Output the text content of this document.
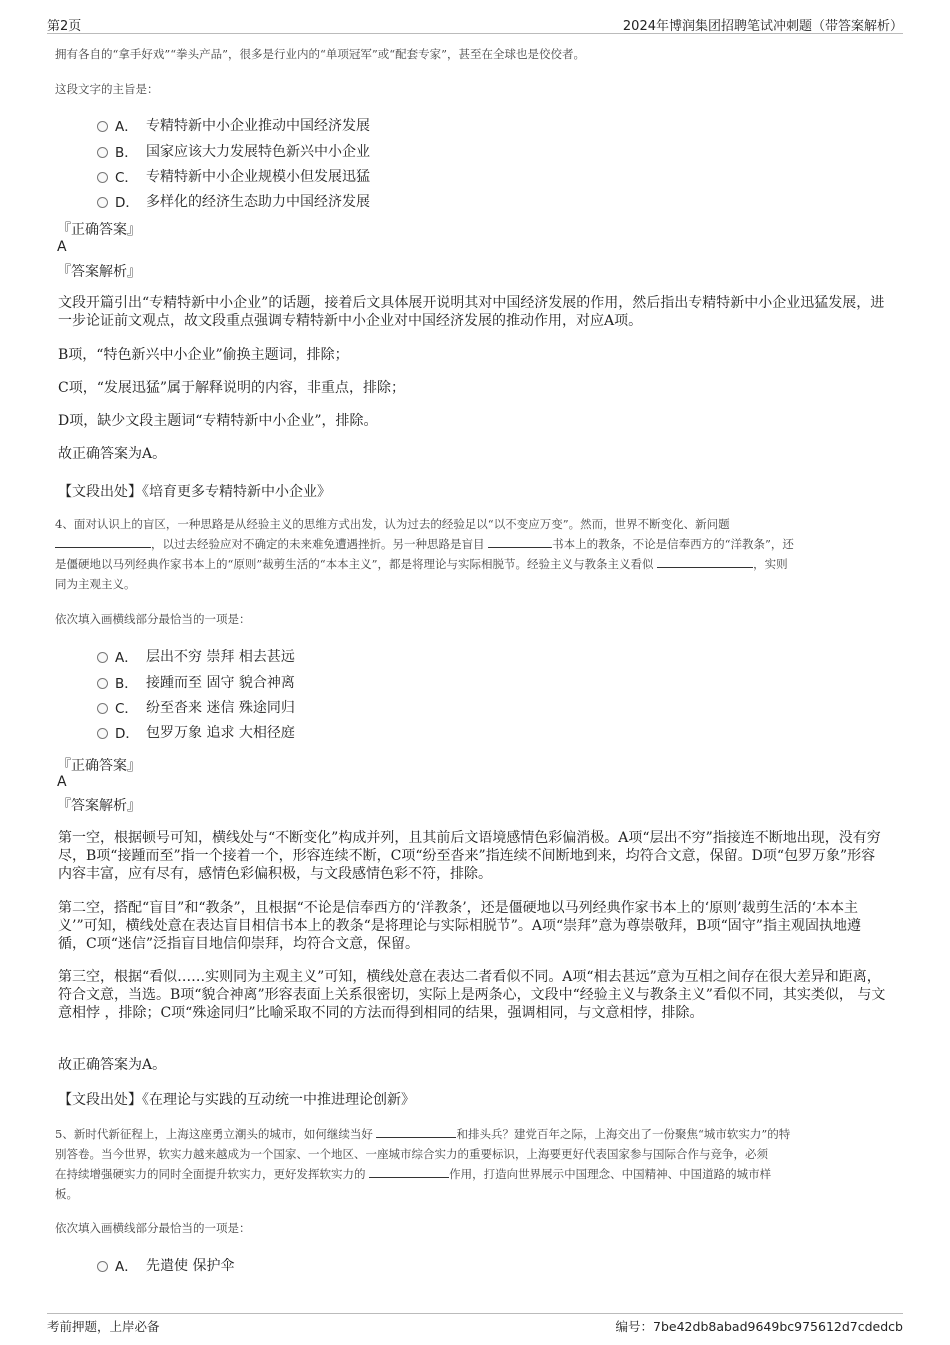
第2页	2024年博润集团招聘笔试冲刺题（带答案解析）
拥有各自的“拿手好戏”“拳头产品”，很多是行业内的“单项冠军”或“配套专家”，甚至在全球也是佼佼者。
这段文字的主旨是：
A． 专精特新中小企业推动中国经济发展
B． 国家应该大力发展特色新兴中小企业
C． 专精特新中小企业规模小但发展迅猛
D． 多样化的经济生态助力中国经济发展
『正确答案』
A
『答案解析』
文段开篇引出“专精特新中小企业”的话题，接着后文具体展开说明其对中国经济发展的作用，然后指出专精特新中小企业迅猛发展，进一步论证前文观点，故文段重点强调专精特新中小企业对中国经济发展的推动作用，对应A项。
B项，“特色新兴中小企业”偷换主题词，排除；
C项，“发展迅猛”属于解释说明的内容，非重点，排除；
D项，缺少文段主题词“专精特新中小企业”，排除。
故正确答案为A。
【文段出处】《培育更多专精特新中小企业》
4、面对认识上的盲区，一种思路是从经验主义的思维方式出发，认为过去的经验足以“以不变应万变”。然而，世界不断变化、新问题
，以过去经验应对不确定的未来难免遭遇挫折。另一种思路是盲目	书本上的教条，不论是信奉西方的“洋教条”，还
是僵硬地以马列经典作家书本上的“原则”裁剪生活的“本本主义”，都是将理论与实际相脱节。经验主义与教条主义看似	，实则
同为主观主义。
依次填入画横线部分最恰当的一项是：
A． 层出不穷 崇拜 相去甚远
B． 接踵而至 固守 貌合神离
C． 纷至沓来 迷信 殊途同归
D． 包罗万象 追求 大相径庭
『正确答案』
A
『答案解析』
第一空，根据顿号可知，横线处与“不断变化”构成并列，且其前后文语境感情色彩偏消极。A项“层出不穷”指接连不断地出现，没有穷尽，B项“接踵而至”指一个接着一个，形容连续不断，C项“纷至沓来”指连续不间断地到来，均符合文意，保留。D项“包罗万象”形容内容丰富，应有尽有，感情色彩偏积极，与文段感情色彩不符，排除。
第二空，搭配“盲目”和“教条”，且根据“不论是信奉西方的‘洋教条’，还是僵硬地以马列经典作家书本上的‘原则’裁剪生活的‘本本主义’”可知，横线处意在表达盲目相信书本上的教条“是将理论与实际相脱节”。A项“崇拜”意为尊崇敬拜，B项“固守”指主观固执地遵循，C项“迷信”泛指盲目地信仰崇拜，均符合文意，保留。
第三空，根据“看似……实则同为主观主义”可知，横线处意在表达二者看似不同。A项“相去甚远”意为互相之间存在很大差异和距离，符合文意，当选。B项“貌合神离”形容表面上关系很密切，实际上是两条心，文段中“经验主义与教条主义”看似不同，其实类似， 与文意相悖 ，排除；C项“殊途同归”比喻采取不同的方法而得到相同的结果，强调相同，与文意相悖，排除。
故正确答案为A。
【文段出处】《在理论与实践的互动统一中推进理论创新》
5、新时代新征程上，上海这座勇立潮头的城市，如何继续当好	和排头兵？建党百年之际，上海交出了一份聚焦“城市软实力”的特
别答卷。当今世界，软实力越来越成为一个国家、一个地区、一座城市综合实力的重要标识，上海要更好代表国家参与国际合作与竞争，必须
在持续增强硬实力的同时全面提升软实力，更好发挥软实力的	作用，打造向世界展示中国理念、中国精神、中国道路的城市样
板。
依次填入画横线部分最恰当的一项是：
A． 先遣使 保护伞
考前押题，上岸必备	编号：7be42db8abad9649bc975612d7cdedcb
